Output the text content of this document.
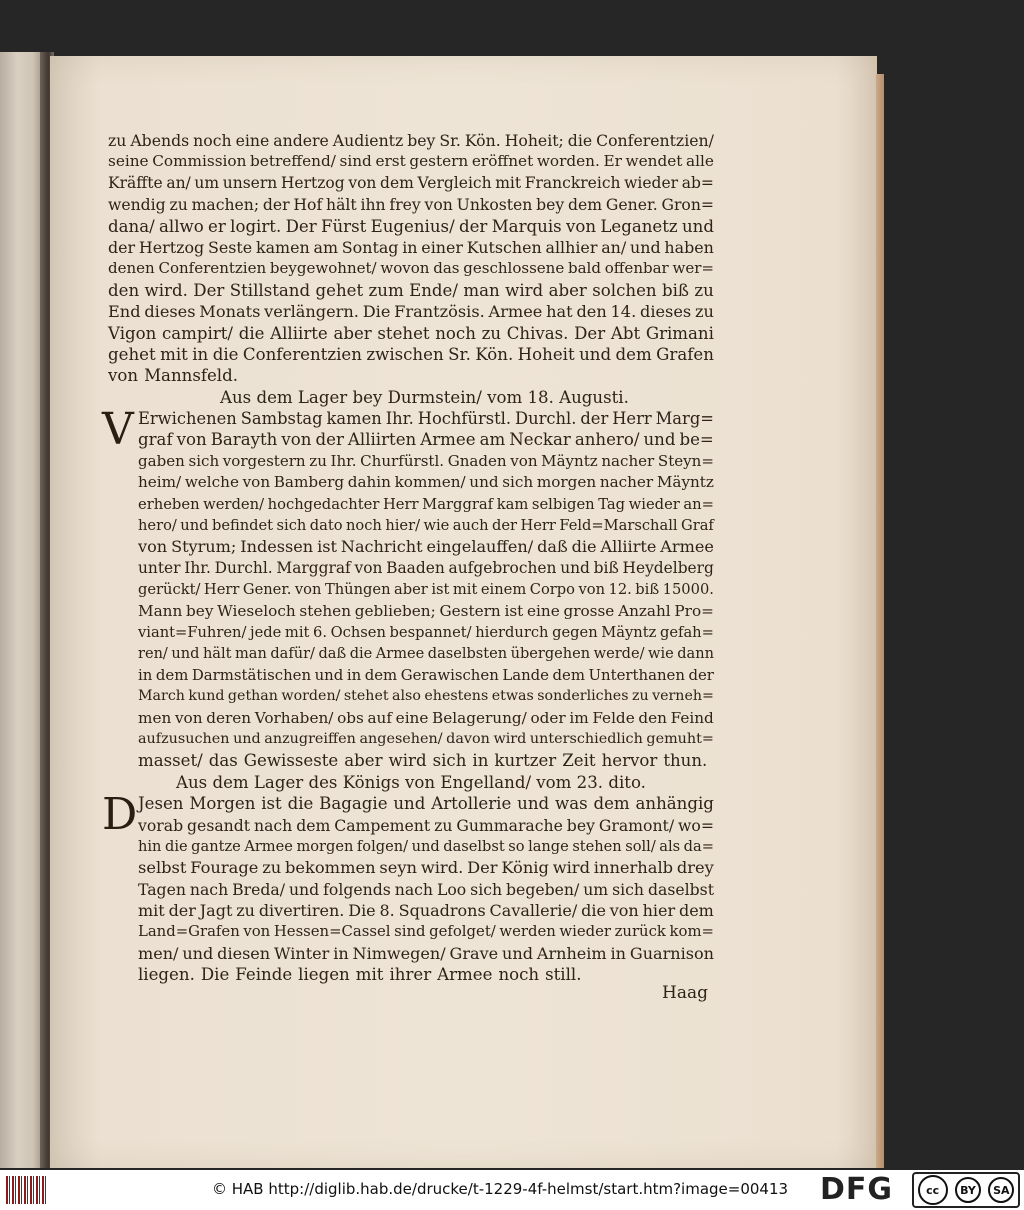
zu Abends noch eine andere Audientz bey Sr. Kön. Hoheit; die Conferentzien/
seine Commission betreffend/ sind erst gestern eröffnet worden. Er wendet alle
Kräffte an/ um unsern Hertzog von dem Vergleich mit Franckreich wieder ab=
wendig zu machen; der Hof hält ihn frey von Unkosten bey dem Gener. Gron=
dana/ allwo er logirt. Der Fürst Eugenius/ der Marquis von Leganetz und
der Hertzog Seste kamen am Sontag in einer Kutschen allhier an/ und haben
denen Conferentzien beygewohnet/ wovon das geschlossene bald offenbar wer=
den wird. Der Stillstand gehet zum Ende/ man wird aber solchen biß zu
End dieses Monats verlängern. Die Frantzösis. Armee hat den 14. dieses zu
Vigon campirt/ die Alliirte aber stehet noch zu Chivas. Der Abt Grimani
gehet mit in die Conferentzien zwischen Sr. Kön. Hoheit und dem Grafen
von Mannsfeld.
Aus dem Lager bey Durmstein/ vom 18. Augusti.
V Erwichenen Sambstag kamen Ihr. Hochfürstl. Durchl. der Herr Marg=
graf von Barayth von der Alliirten Armee am Neckar anhero/ und be=
gaben sich vorgestern zu Ihr. Churfürstl. Gnaden von Mäyntz nacher Steyn=
heim/ welche von Bamberg dahin kommen/ und sich morgen nacher Mäyntz
erheben werden/ hochgedachter Herr Marggraf kam selbigen Tag wieder an=
hero/ und befindet sich dato noch hier/ wie auch der Herr Feld=Marschall Graf
von Styrum; Indessen ist Nachricht eingelauffen/ daß die Alliirte Armee
unter Ihr. Durchl. Marggraf von Baaden aufgebrochen und biß Heydelberg
gerückt/ Herr Gener. von Thüngen aber ist mit einem Corpo von 12. biß 15000.
Mann bey Wieseloch stehen geblieben; Gestern ist eine grosse Anzahl Pro=
viant=Fuhren/ jede mit 6. Ochsen bespannet/ hierdurch gegen Mäyntz gefah=
ren/ und hält man dafür/ daß die Armee daselbsten übergehen werde/ wie dann
in dem Darmstätischen und in dem Gerawischen Lande dem Unterthanen der
March kund gethan worden/ stehet also ehestens etwas sonderliches zu verneh=
men von deren Vorhaben/ obs auf eine Belagerung/ oder im Felde den Feind
aufzusuchen und anzugreiffen angesehen/ davon wird unterschiedlich gemuht=
masset/ das Gewisseste aber wird sich in kurtzer Zeit hervor thun.
Aus dem Lager des Königs von Engelland/ vom 23. dito.
D Jesen Morgen ist die Bagagie und Artollerie und was dem anhängig
vorab gesandt nach dem Campement zu Gummarache bey Gramont/ wo=
hin die gantze Armee morgen folgen/ und daselbst so lange stehen soll/ als da=
selbst Fourage zu bekommen seyn wird. Der König wird innerhalb drey
Tagen nach Breda/ und folgends nach Loo sich begeben/ um sich daselbst
mit der Jagt zu divertiren. Die 8. Squadrons Cavallerie/ die von hier dem
Land=Grafen von Hessen=Cassel sind gefolget/ werden wieder zurück kom=
men/ und diesen Winter in Nimwegen/ Grave und Arnheim in Guarnison
liegen. Die Feinde liegen mit ihrer Armee noch still.
Haag
© HAB http://diglib.hab.de/drucke/t-1229-4f-helmst/start.htm?image=00413 DFG	cc	BY	SA
